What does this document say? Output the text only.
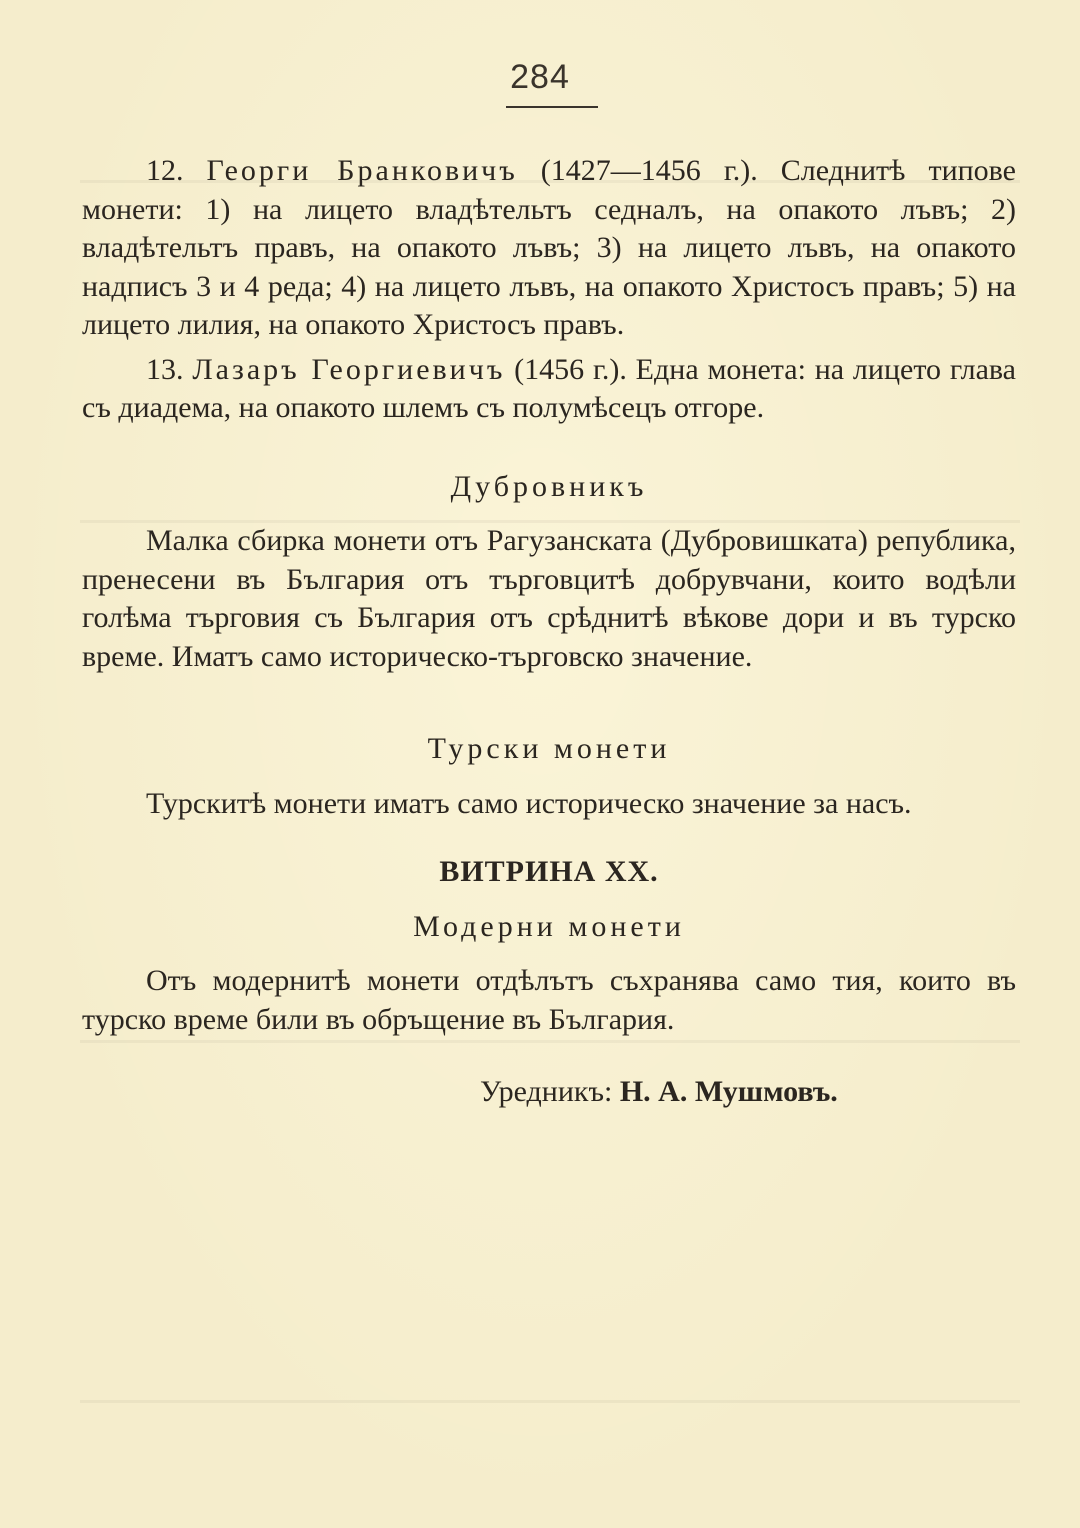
284

12. Георги Бранковичъ (1427—1456 г.). Следнитѣ типове монети: 1) на лицето владѣтельтъ седналъ, на опакото лъвъ; 2) владѣтельтъ правъ, на опакото лъвъ; 3) на лицето лъвъ, на опакото надписъ 3 и 4 реда; 4) на лицето лъвъ, на опакото Христосъ правъ; 5) на лицето лилия, на опакото Христосъ правъ.

13. Лазаръ Георгиевичъ (1456 г.). Една монета: на лицето глава съ диадема, на опакото шлемъ съ полумѣсецъ отгоре.

Дубровникъ

Малка сбирка монети отъ Рагузанската (Дубровишката) република, пренесени въ България отъ търговцитѣ добрувчани, които водѣли голѣма търговия съ България отъ срѣднитѣ вѣкове дори и въ турско време. Иматъ само историческо-търговско значение.

Турски монети

Турскитѣ монети иматъ само историческо значение за насъ.

ВИТРИНА XX.

Модерни монети

Отъ модернитѣ монети отдѣлътъ съхранява само тия, които въ турско време били въ обръщение въ България.

Уредникъ: Н. А. Мушмовъ.
